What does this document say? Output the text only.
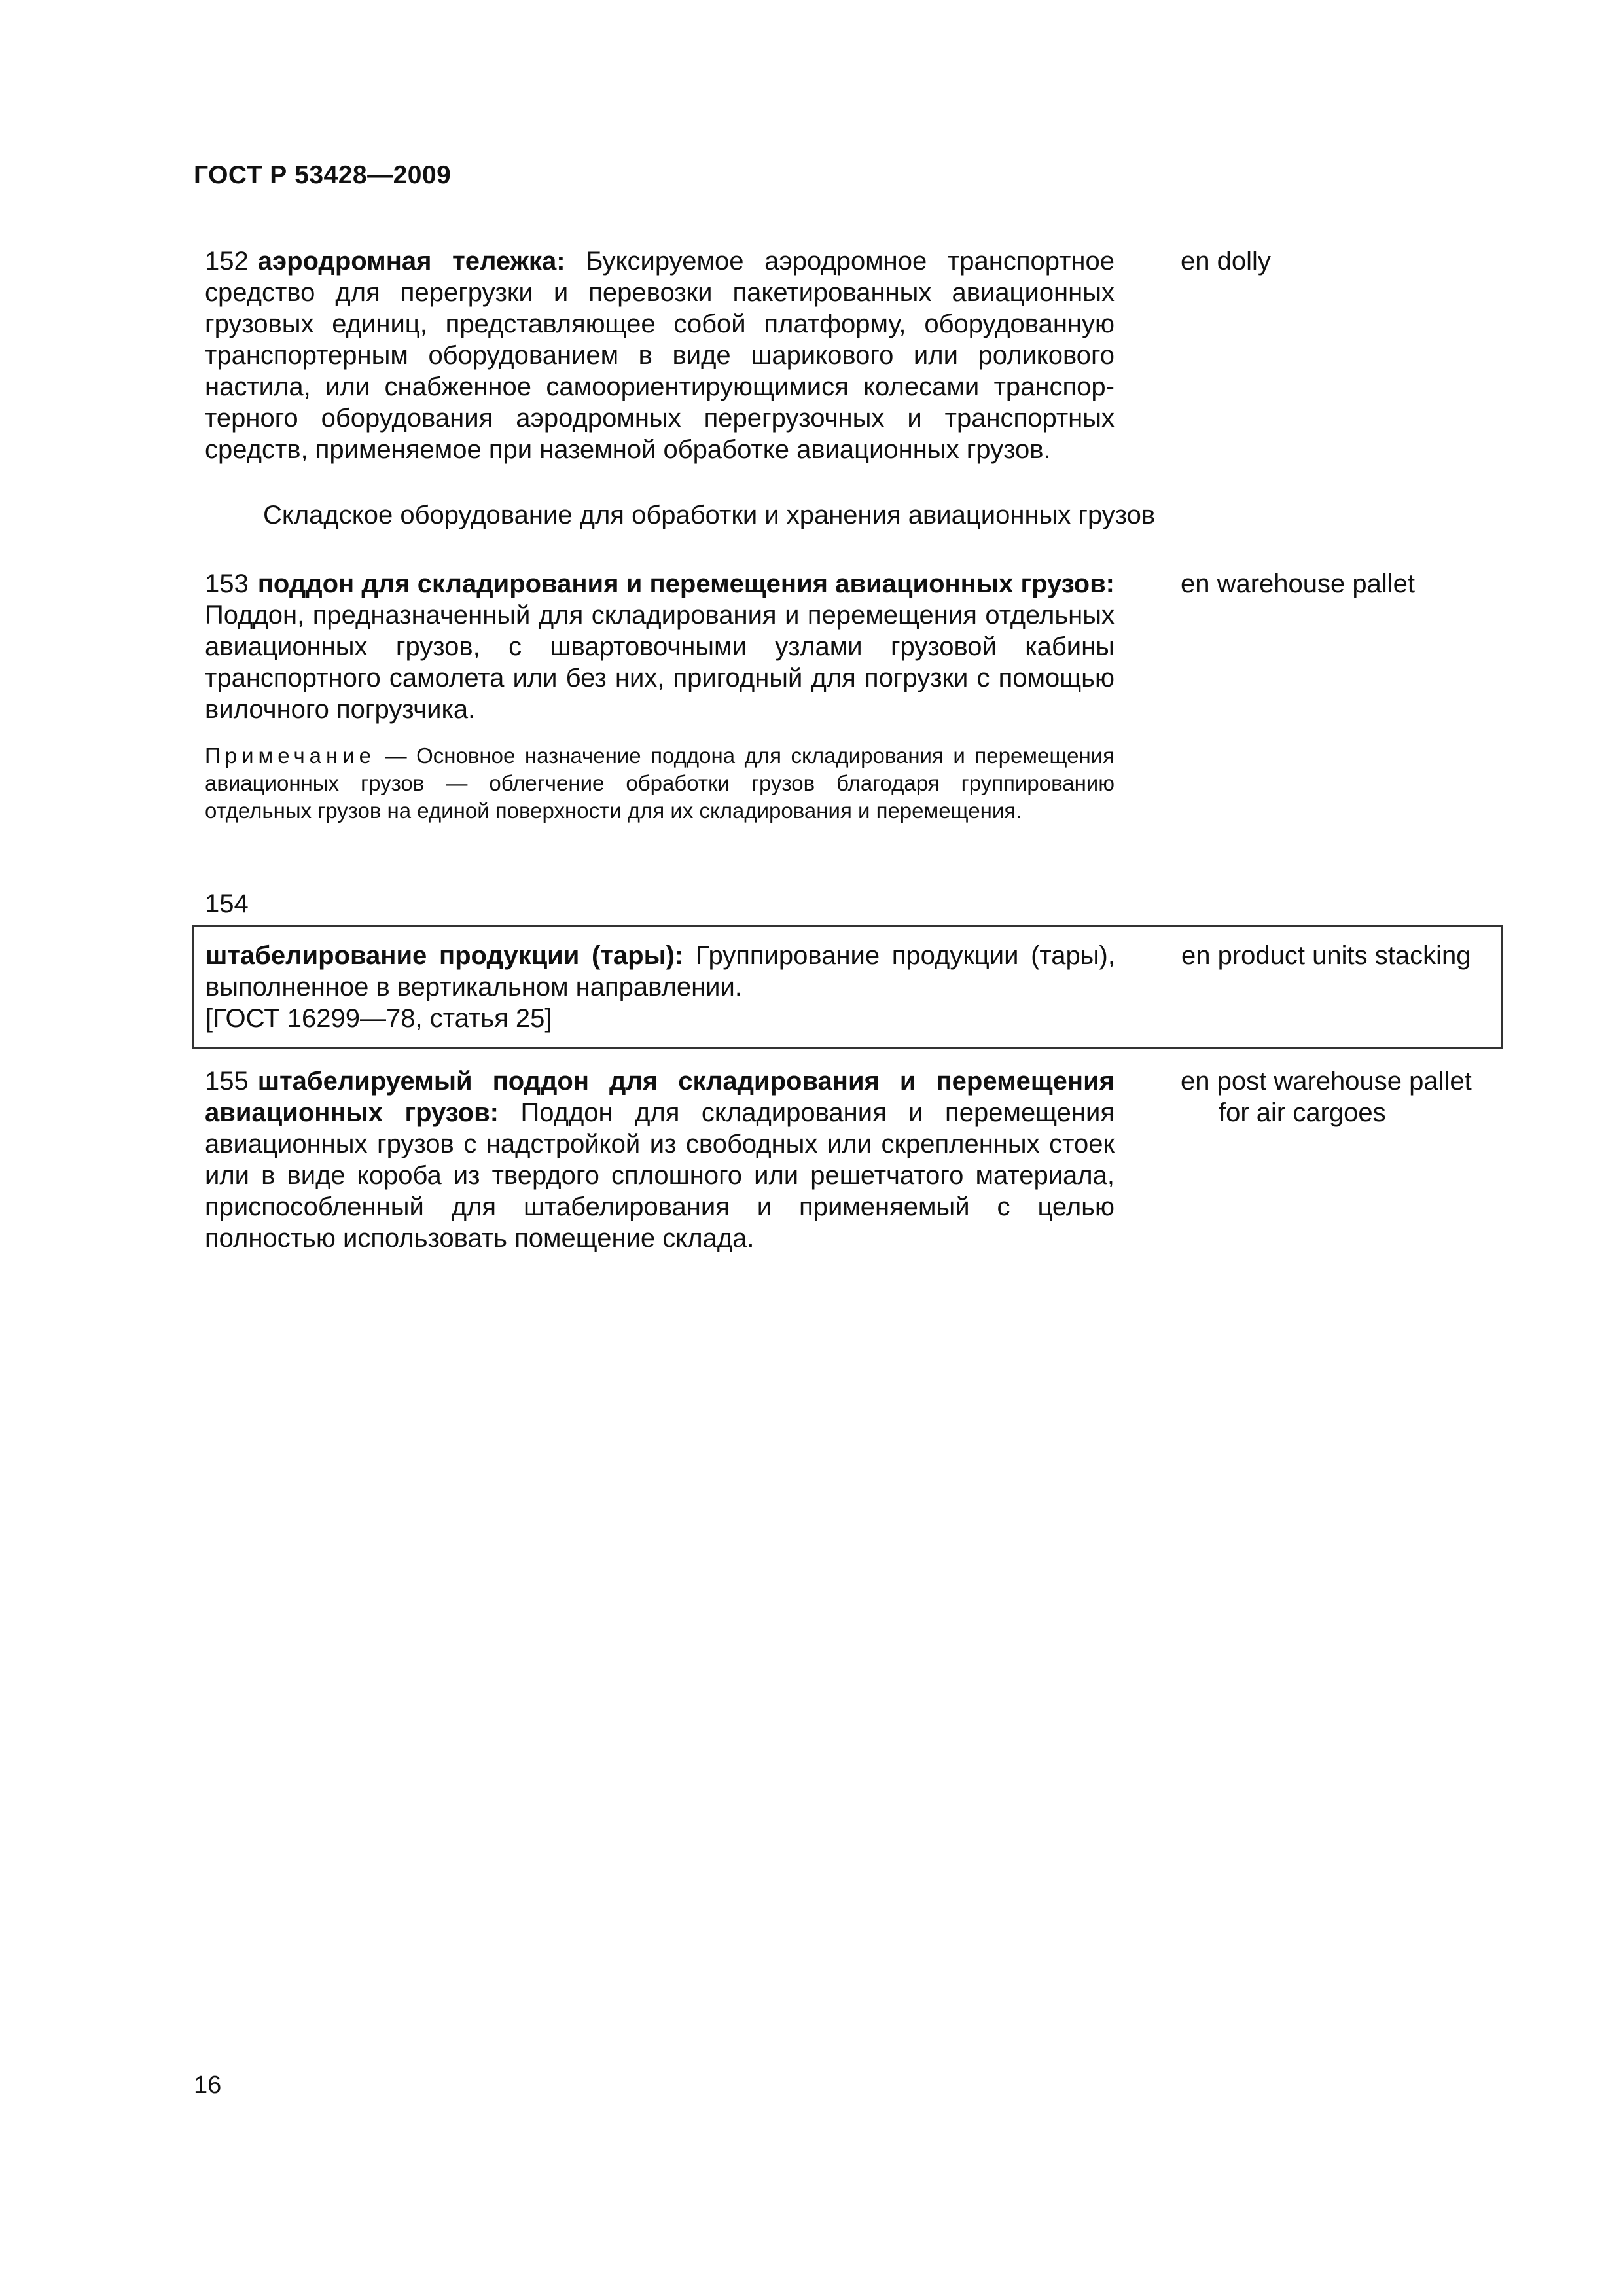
ГОСТ Р 53428—2009
152 аэродромная тележка: Буксируемое аэродромное транспортное средство для перегрузки и перевозки пакетированных авиационных грузовых единиц, представляющее собой платформу, оборудованную транспортерным оборудованием в виде шарикового или роликового настила, или снабженное самоориентирующимися колесами транспортерного оборудования аэродромных перегрузочных и транспортных средств, применяемое при наземной обработке авиационных грузов.
en dolly
Складское оборудование для обработки и хранения авиационных грузов
153 поддон для складирования и перемещения авиационных грузов: Поддон, предназначенный для складирования и перемещения отдельных авиационных грузов, с швартовочными узлами грузовой кабины транспортного самолета или без них, пригодный для погрузки с помощью вилочного погрузчика.
en warehouse pallet
Примечание — Основное назначение поддона для складирования и перемещения авиационных грузов — облегчение обработки грузов благодаря группированию отдельных грузов на единой поверхности для их складирования и перемещения.
154
штабелирование продукции (тары): Группирование продукции (тары), выполненное в вертикальном направлении.
[ГОСТ 16299—78, статья 25]
en product units stacking
155 штабелируемый поддон для складирования и перемещения авиационных грузов: Поддон для складирования и перемещения авиационных грузов с надстройкой из свободных или скрепленных стоек или в виде короба из твердого сплошного или решетчатого материала, приспособленный для штабелирования и применяемый с целью полностью использовать помещение склада.
en post warehouse pallet
for air cargoes
16
